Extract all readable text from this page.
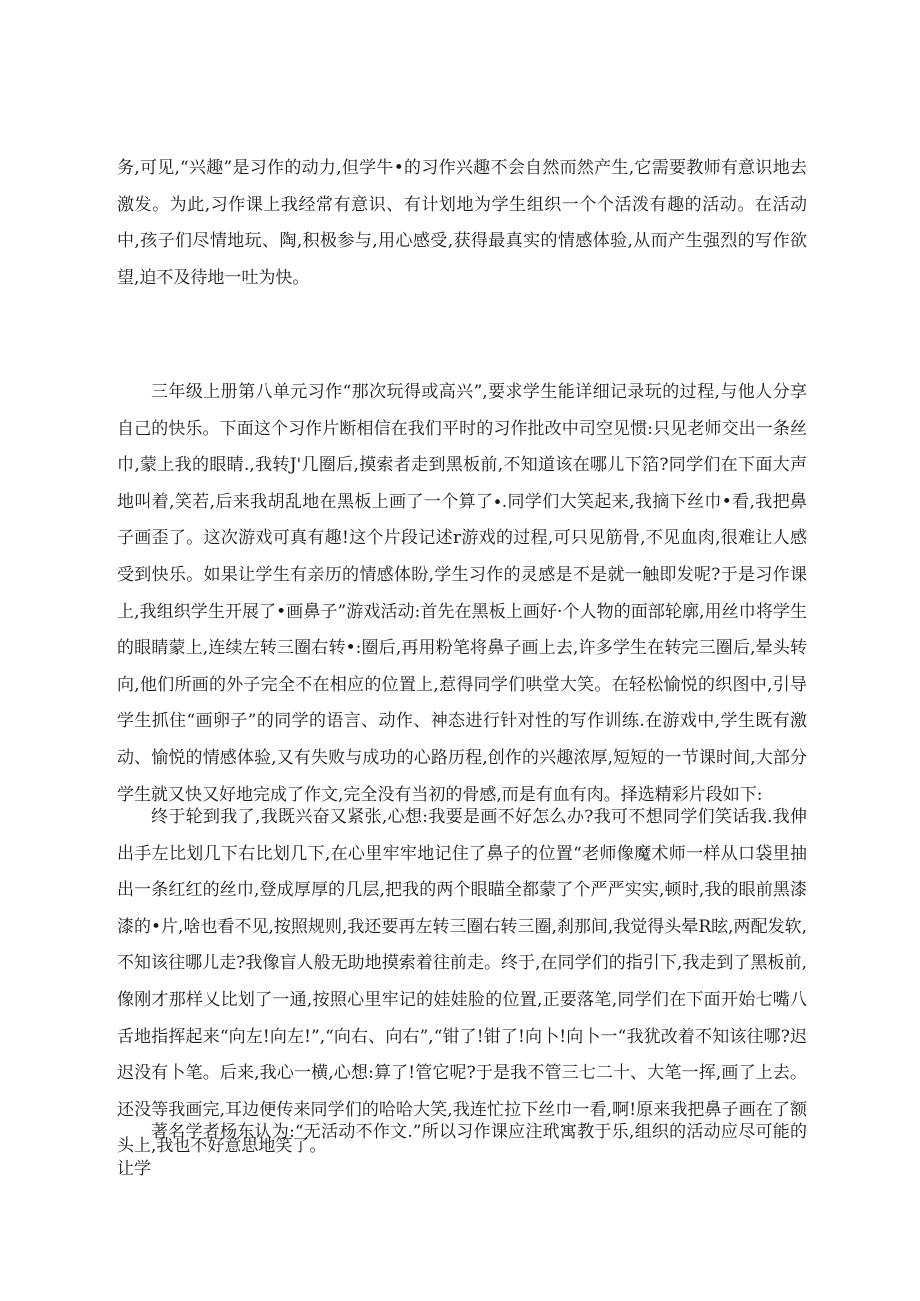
务,可见,“兴趣”是习作的动力,但学牛•的习作兴趣不会自然而然产生,它需要教师有意识地去激发。为此,习作课上我经常有意识、有计划地为学生组织一个个活泼有趣的活动。在活动中,孩子们尽情地玩、陶,积极参与,用心感受,获得最真实的情感体验,从而产生强烈的写作欲望,迫不及待地一吐为快。

三年级上册第八单元习作“那次玩得或高兴”,要求学生能详细记录玩的过程,与他人分享自己的快乐。下面这个习作片断相信在我们平时的习作批改中司空见惯:只见老师交出一条丝巾,蒙上我的眼睛.,我转J'几圈后,摸索者走到黑板前,不知道该在哪儿下箔?同学们在下面大声地叫着,笑若,后来我胡乱地在黑板上画了一个算了∙.同学们大笑起来,我摘下丝巾•看,我把鼻子画歪了。这次游戏可真有趣!这个片段记述r游戏的过程,可只见筋骨,不见血肉,很难让人感受到快乐。如果让学生有亲历的情感体盼,学生习作的灵感是不是就一触即发呢?于是习作课上,我组织学生开展了•画鼻子”游戏活动:首先在黑板上画好·个人物的面部轮廓,用丝巾将学生的眼睛蒙上,连续左转三圈右转•:圈后,再用粉笔将鼻子画上去,许多学生在转完三圈后,晕头转向,他们所画的外子完全不在相应的位置上,惹得同学们哄堂大笑。在轻松愉悦的织图中,引导学生抓住“画卵子”的同学的语言、动作、神态进行针对性的写作训练.在游戏中,学生既有激动、愉悦的情感体验,又有失败与成功的心路历程,创作的兴趣浓厚,短短的一节课时间,大部分学生就又快又好地完成了作文,完全没有当初的骨感,而是有血有肉。择选精彩片段如下:

终于轮到我了,我既兴奋又紧张,心想:我要是画不好怎么办?我可不想同学们笑话我.我伸出手左比划几下右比划几下,在心里牢牢地记住了鼻子的位置“老师像魔术师一样从口袋里抽出一条红红的丝巾,登成厚厚的几层,把我的两个眼瞄全都蒙了个严严实实,顿时,我的眼前黑漆漆的•片,啥也看不见,按照规则,我还要再左转三圈右转三圈,刹那间,我觉得头晕R眩,两配发软,不知该往哪儿走?我像盲人般无助地摸索着往前走。终于,在同学们的指引下,我走到了黑板前,像刚才那样乂比划了一通,按照心里牢记的娃娃脸的位置,正要落笔,同学们在下面开始七嘴八舌地指挥起来“向左!向左!”,“向右、向右”,“钳了!钳了!向卜!向卜一“我犹改着不知该往哪?迟迟没有卜笔。后来,我心一横,心想:算了!管它呢?于是我不管三七二十、大笔一挥,画了上去。还没等我画完,耳边便传来同学们的哈哈大笑,我连忙拉下丝巾一看,啊!原来我把鼻子画在了额头上,我也不好意思地笑了。

著名学者杨东认为:“无活动不作文.”所以习作课应注玳寓教于乐,组织的活动应尽可能的让学
